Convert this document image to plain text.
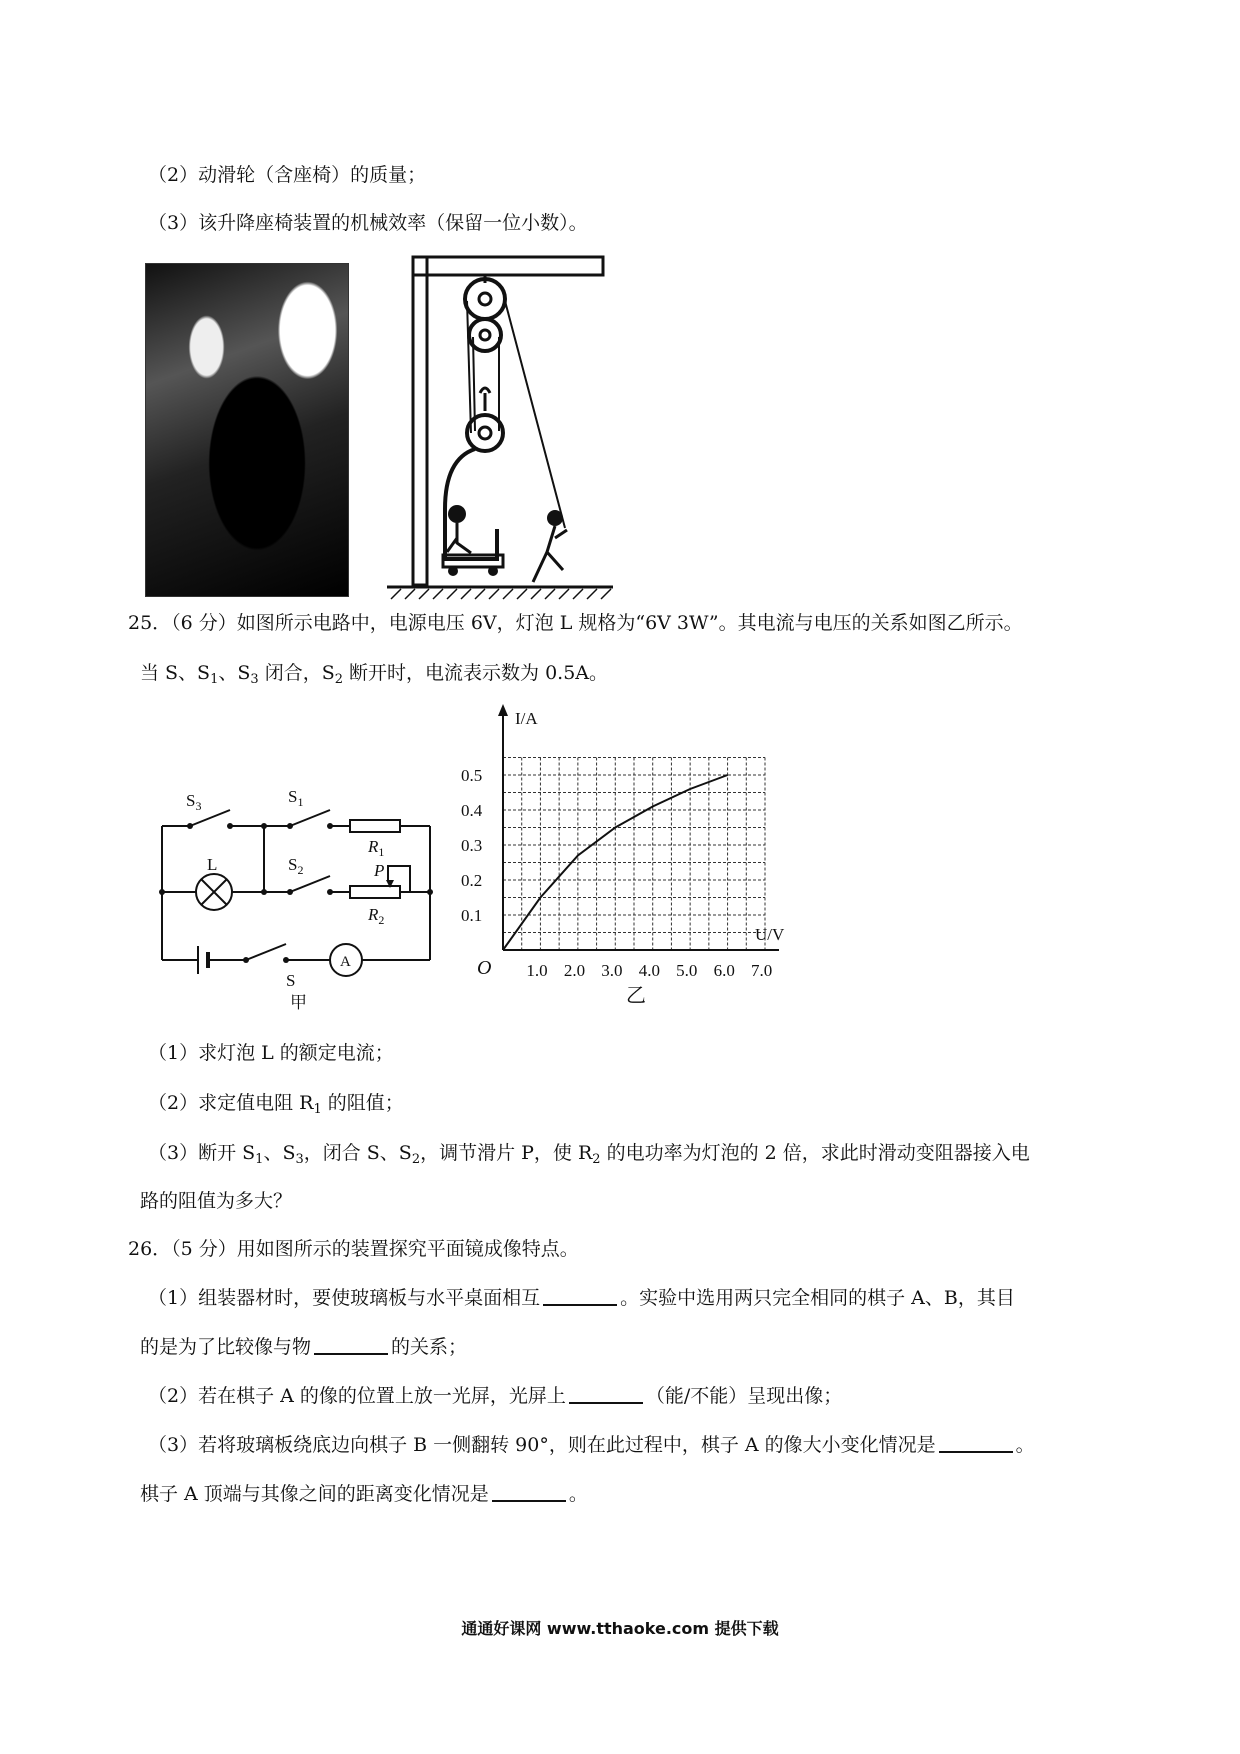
（2）动滑轮（含座椅）的质量；
（3）该升降座椅装置的机械效率（保留一位小数）。
25．（6 分）如图所示电路中，电源电压 6V，灯泡 L 规格为“6V 3W”。其电流与电压的关系如图乙所示。
当 S、$S_1$、$S_3$ 闭合，$S_2$ 断开时，电流表示数为 0.5A。
$S_3$	$S_1$
$S_2$
$R_1$
$R_2$
P
L
S
A
甲
1.0 2.0 3.0 4.0 5.0 6.0 7.0
0.1
0.2
0.3
0.4
0.5
O
I/A
U/V
乙
（1）求灯泡 L 的额定电流；
（2）求定值电阻 $R_1$ 的阻值；
（3）断开 $S_1$、$S_3$，闭合 S、$S_2$，调节滑片 P，使 $R_2$ 的电功率为灯泡的 2 倍，求此时滑动变阻器接入电
路的阻值为多大？
26．（5 分）用如图所示的装置探究平面镜成像特点。
（1）组装器材时，要使玻璃板与水平桌面相互	。实验中选用两只完全相同的棋子 A、B，其目
的是为了比较像与物	的关系；
（2）若在棋子 A 的像的位置上放一光屏，光屏上	（能/不能）呈现出像；
（3）若将玻璃板绕底边向棋子 B 一侧翻转 90°，则在此过程中，棋子 A 的像大小变化情况是	。
棋子 A 顶端与其像之间的距离变化情况是	。
通通好课网 www.tthaoke.com 提供下载
